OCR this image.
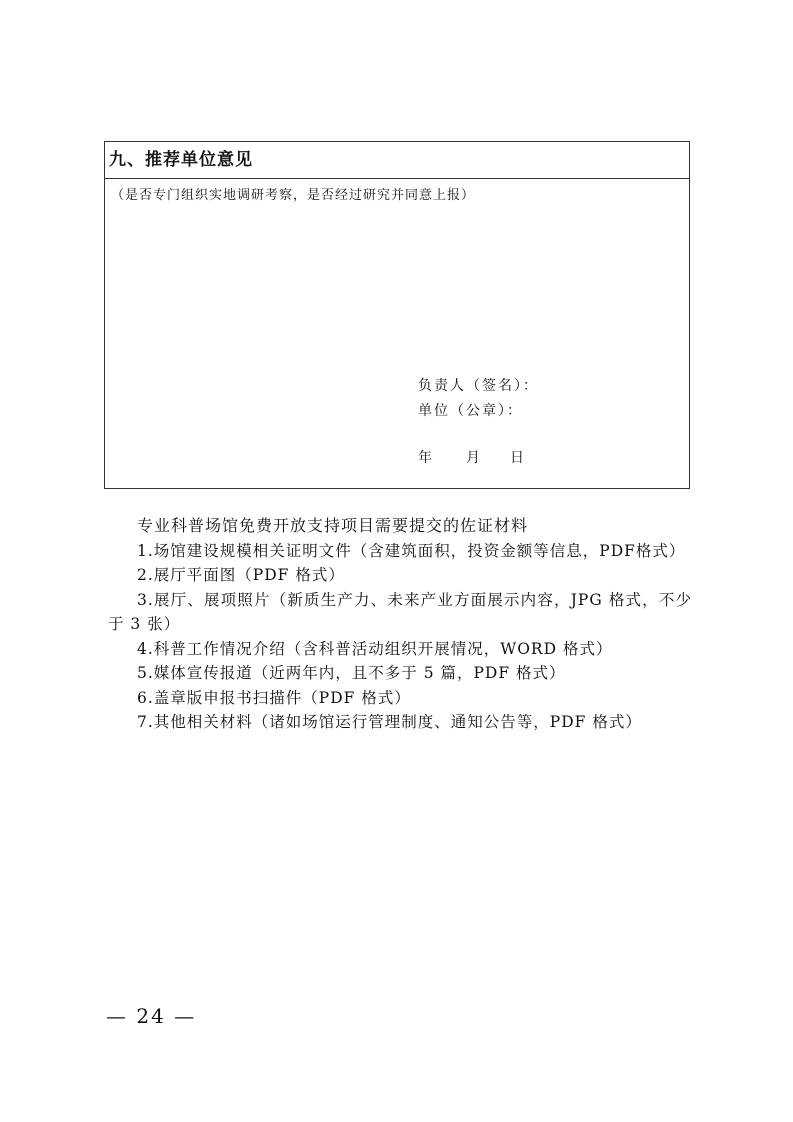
九、推荐单位意见
（是否专门组织实地调研考察，是否经过研究并同意上报）
负责人（签名）：
单位（公章）：
年 月 日
专业科普场馆免费开放支持项目需要提交的佐证材料
1.场馆建设规模相关证明文件（含建筑面积，投资金额等信息，PDF格式）
2.展厅平面图（PDF 格式）
3.展厅、展项照片（新质生产力、未来产业方面展示内容，JPG 格式，不少于 3 张）
4.科普工作情况介绍（含科普活动组织开展情况，WORD 格式）
5.媒体宣传报道（近两年内，且不多于 5 篇，PDF 格式）
6.盖章版申报书扫描件（PDF 格式）
7.其他相关材料（诸如场馆运行管理制度、通知公告等，PDF 格式）
— 24 —
